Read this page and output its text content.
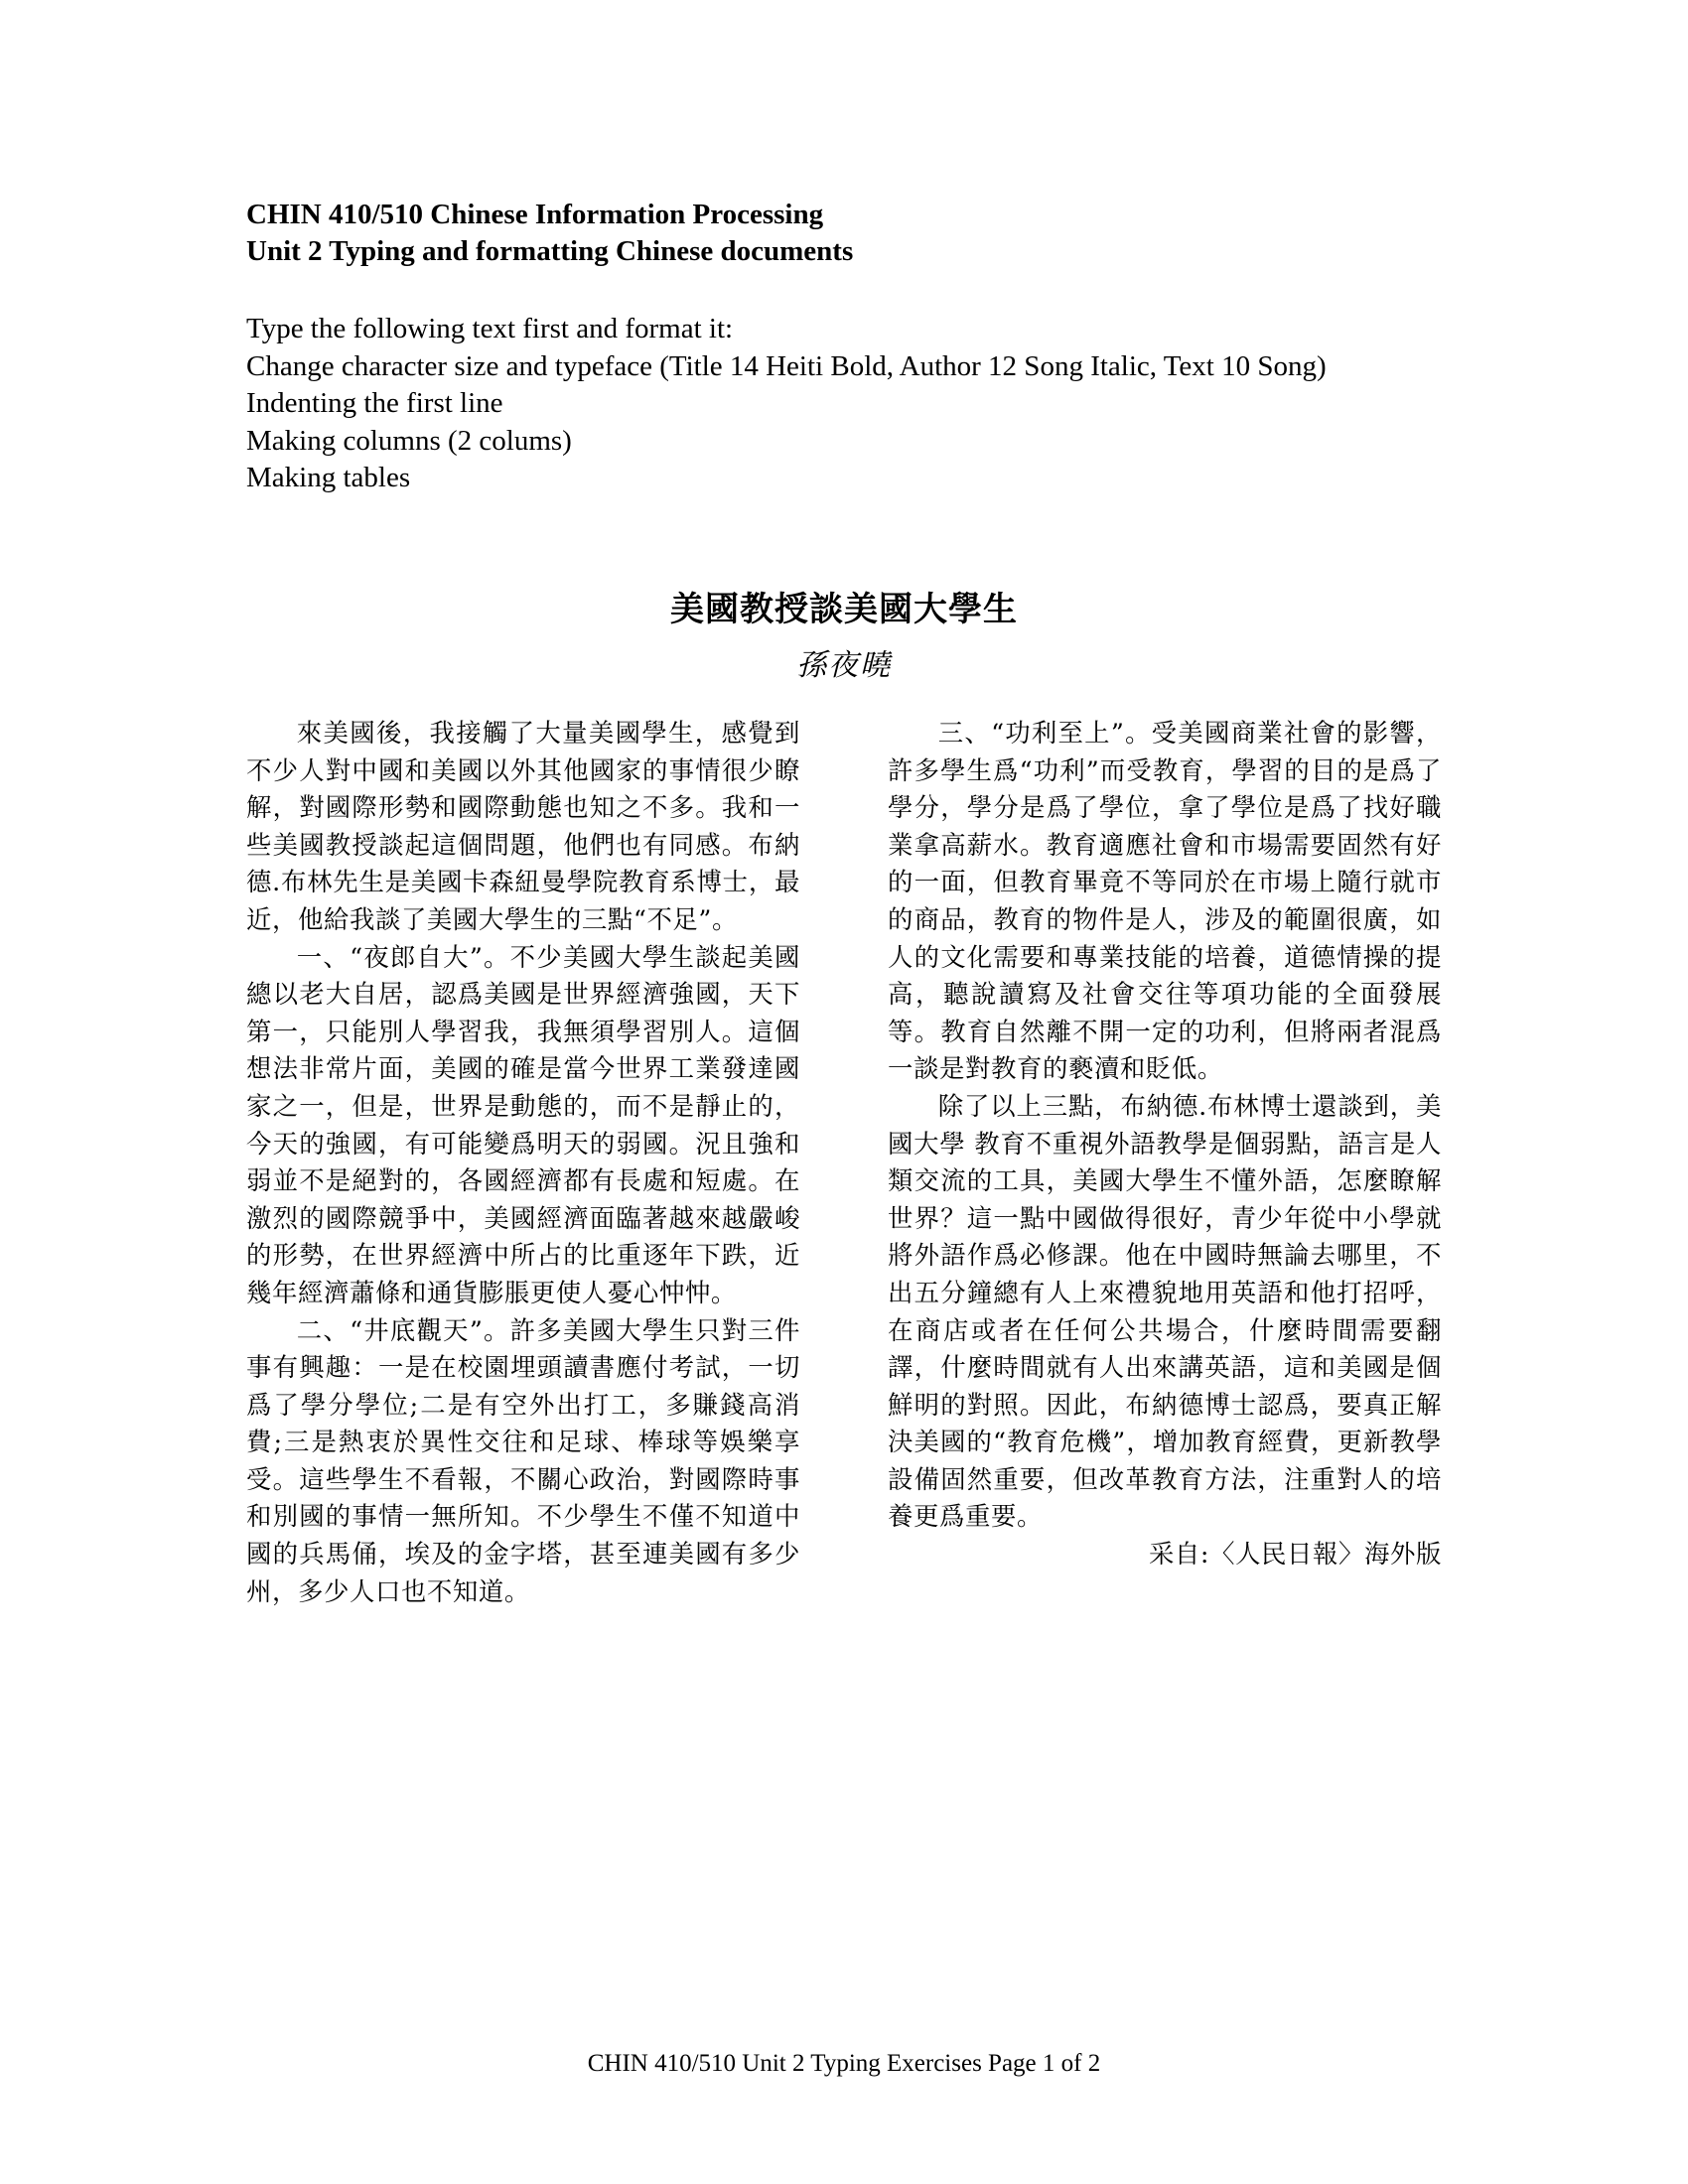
CHIN 410/510 Chinese Information Processing
Unit 2 Typing and formatting Chinese documents

Type the following text first and format it:

Change character size and typeface (Title 14 Heiti Bold, Author 12 Song Italic, Text 10 Song)

Indenting the first line

Making columns (2 colums)

Making tables

美國教授談美國大學生
孫夜曉

來美國後，我接觸了大量美國學生，感覺到不少人對中國和美國以外其他國家的事情很少瞭解，對國際形勢和國際動態也知之不多。我和一些美國教授談起這個問題，他們也有同感。布納德.布林先生是美國卡森紐曼學院教育系博士，最近，他給我談了美國大學生的三點“不足”。

一、“夜郎自大”。不少美國大學生談起美國總以老大自居，認爲美國是世界經濟強國，天下第一，只能別人學習我，我無須學習別人。這個想法非常片面，美國的確是當今世界工業發達國家之一，但是，世界是動態的，而不是靜止的，今天的強國，有可能變爲明天的弱國。況且強和弱並不是絕對的，各國經濟都有長處和短處。在激烈的國際競爭中，美國經濟面臨著越來越嚴峻的形勢，在世界經濟中所占的比重逐年下跌，近幾年經濟蕭條和通貨膨脹更使人憂心忡忡。

二、“井底觀天”。許多美國大學生只對三件事有興趣：一是在校園埋頭讀書應付考試，一切爲了學分學位;二是有空外出打工，多賺錢高消費;三是熱衷於異性交往和足球、棒球等娛樂享受。這些學生不看報，不關心政治，對國際時事和別國的事情一無所知。不少學生不僅不知道中國的兵馬俑，埃及的金字塔，甚至連美國有多少州，多少人口也不知道。

三、“功利至上”。受美國商業社會的影響，許多學生爲“功利”而受教育，學習的目的是爲了學分，學分是爲了學位，拿了學位是爲了找好職業拿高薪水。教育適應社會和市場需要固然有好的一面，但教育畢竟不等同於在市場上隨行就市的商品，教育的物件是人，涉及的範圍很廣，如人的文化需要和專業技能的培養，道德情操的提高，聽說讀寫及社會交往等項功能的全面發展等。教育自然離不開一定的功利，但將兩者混爲一談是對教育的褻瀆和貶低。

除了以上三點，布納德.布林博士還談到，美國大學 教育不重視外語教學是個弱點，語言是人類交流的工具，美國大學生不懂外語，怎麼瞭解世界？這一點中國做得很好，青少年從中小學就將外語作爲必修課。他在中國時無論去哪里，不出五分鐘總有人上來禮貌地用英語和他打招呼，在商店或者在任何公共場合，什麼時間需要翻譯，什麼時間就有人出來講英語，這和美國是個鮮明的對照。因此，布納德博士認爲，要真正解決美國的“教育危機”，增加教育經費，更新教學設備固然重要，但改革教育方法，注重對人的培養更爲重要。

采自:〈人民日報〉海外版

CHIN 410/510 Unit 2 Typing Exercises Page 1 of 2
